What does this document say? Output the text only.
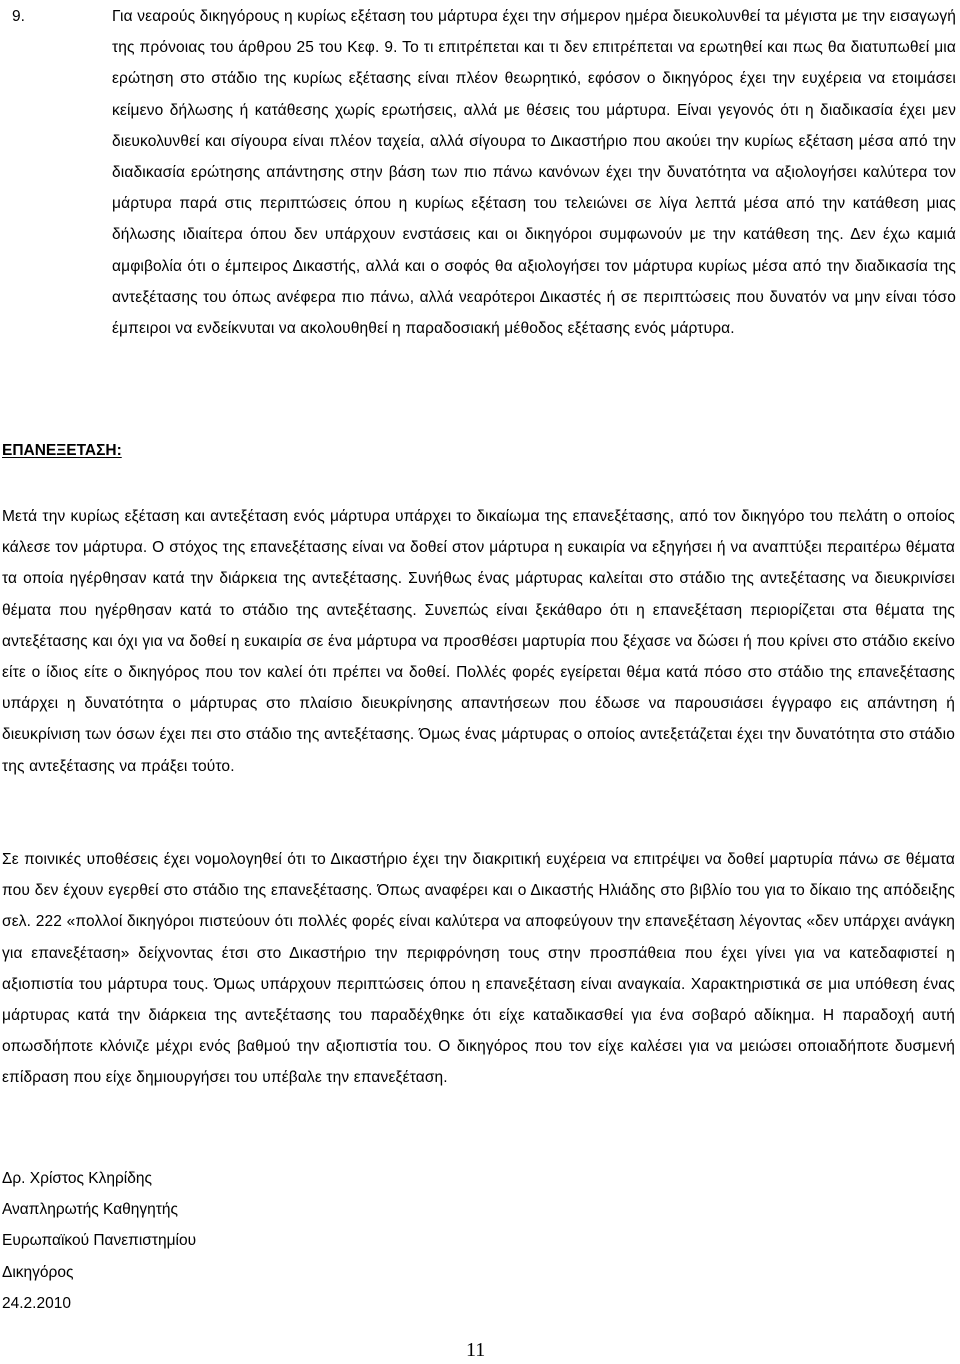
9.	Για νεαρούς δικηγόρους η κυρίως εξέταση του μάρτυρα έχει την σήμερον ημέρα διευκολυνθεί τα μέγιστα με την εισαγωγή της πρόνοιας του άρθρου 25 του Κεφ. 9. Το τι επιτρέπεται και τι δεν επιτρέπεται να ερωτηθεί και πως θα διατυπωθεί μια ερώτηση στο στάδιο της κυρίως εξέτασης είναι πλέον θεωρητικό, εφόσον ο δικηγόρος έχει την ευχέρεια να ετοιμάσει κείμενο δήλωσης ή κατάθεσης χωρίς ερωτήσεις, αλλά με θέσεις του μάρτυρα. Είναι γεγονός ότι η διαδικασία έχει μεν διευκολυνθεί και σίγουρα είναι πλέον ταχεία, αλλά σίγουρα το Δικαστήριο που ακούει την κυρίως εξέταση μέσα από την διαδικασία ερώτησης απάντησης στην βάση των πιο πάνω κανόνων έχει την δυνατότητα να αξιολογήσει καλύτερα τον μάρτυρα παρά στις περιπτώσεις όπου η κυρίως εξέταση του τελειώνει σε λίγα λεπτά μέσα από την κατάθεση μιας δήλωσης ιδιαίτερα όπου δεν υπάρχουν ενστάσεις και οι δικηγόροι συμφωνούν με την κατάθεση της. Δεν έχω καμιά αμφιβολία ότι ο έμπειρος Δικαστής, αλλά και ο σοφός θα αξιολογήσει τον μάρτυρα κυρίως μέσα από την διαδικασία της αντεξέτασης του όπως ανέφερα πιο πάνω, αλλά νεαρότεροι Δικαστές ή σε περιπτώσεις που δυνατόν να μην είναι τόσο έμπειροι να ενδείκνυται να ακολουθηθεί η παραδοσιακή μέθοδος εξέτασης ενός μάρτυρα.
ΕΠΑΝΕΞΕΤΑΣΗ:
Μετά την κυρίως εξέταση και αντεξέταση ενός μάρτυρα υπάρχει το δικαίωμα της επανεξέτασης, από τον δικηγόρο του πελάτη ο οποίος κάλεσε τον μάρτυρα. Ο στόχος της επανεξέτασης είναι να δοθεί στον μάρτυρα η ευκαιρία να εξηγήσει ή να αναπτύξει περαιτέρω θέματα τα οποία ηγέρθησαν κατά την διάρκεια της αντεξέτασης. Συνήθως ένας μάρτυρας καλείται στο στάδιο της αντεξέτασης να διευκρινίσει θέματα που ηγέρθησαν κατά το στάδιο της αντεξέτασης. Συνεπώς είναι ξεκάθαρο ότι η επανεξέταση περιορίζεται στα θέματα της αντεξέτασης και όχι για να δοθεί η ευκαιρία σε ένα μάρτυρα να προσθέσει μαρτυρία που ξέχασε να δώσει ή που κρίνει στο στάδιο εκείνο είτε ο ίδιος είτε ο δικηγόρος που τον καλεί ότι πρέπει να δοθεί. Πολλές φορές εγείρεται θέμα κατά πόσο στο στάδιο της επανεξέτασης υπάρχει η δυνατότητα ο μάρτυρας στο πλαίσιο διευκρίνησης απαντήσεων που έδωσε να παρουσιάσει έγγραφο εις απάντηση ή διευκρίνιση των όσων έχει πει στο στάδιο της αντεξέτασης. Όμως ένας μάρτυρας ο οποίος αντεξετάζεται έχει την δυνατότητα στο στάδιο της αντεξέτασης να πράξει τούτο.
Σε ποινικές υποθέσεις έχει νομολογηθεί ότι το Δικαστήριο έχει την διακριτική ευχέρεια να επιτρέψει να δοθεί μαρτυρία πάνω σε θέματα που δεν έχουν εγερθεί στο στάδιο της επανεξέτασης. Όπως αναφέρει και ο Δικαστής Ηλιάδης στο βιβλίο του για το δίκαιο της απόδειξης σελ. 222 «πολλοί δικηγόροι πιστεύουν ότι πολλές φορές είναι καλύτερα να αποφεύγουν την επανεξέταση λέγοντας «δεν υπάρχει ανάγκη για επανεξέταση» δείχνοντας έτσι στο Δικαστήριο την περιφρόνηση τους στην προσπάθεια που έχει γίνει για να κατεδαφιστεί η αξιοπιστία του μάρτυρα τους. Όμως υπάρχουν περιπτώσεις όπου η επανεξέταση είναι αναγκαία. Χαρακτηριστικά σε μια υπόθεση ένας μάρτυρας κατά την διάρκεια της αντεξέτασης του παραδέχθηκε ότι είχε καταδικασθεί για ένα σοβαρό αδίκημα. Η παραδοχή αυτή οπωσδήποτε κλόνιζε μέχρι ενός βαθμού την αξιοπιστία του. Ο δικηγόρος που τον είχε καλέσει για να μειώσει οποιαδήποτε δυσμενή επίδραση που είχε δημιουργήσει του υπέβαλε την επανεξέταση.
Δρ. Χρίστος Κληρίδης
Αναπληρωτής Καθηγητής
Ευρωπαϊκού Πανεπιστημίου
Δικηγόρος
24.2.2010
11
